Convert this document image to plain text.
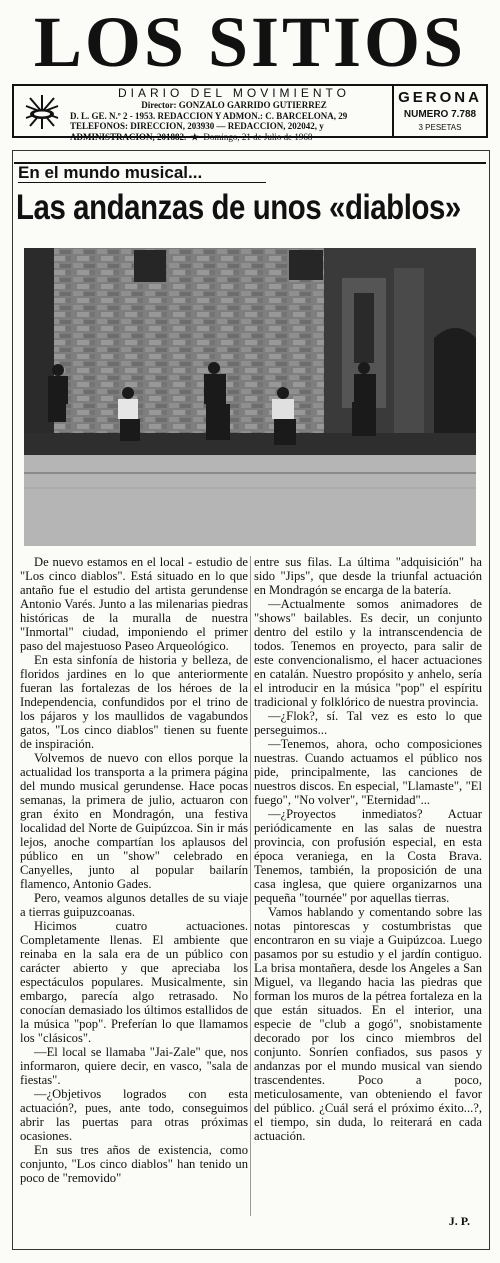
LOS SITIOS
DIARIO DEL MOVIMIENTO
Director: GONZALO GARRIDO GUTIERREZ
D. L. GE. N.º 2 - 1953. REDACCION Y ADMON.: C. BARCELONA, 29
TELEFONOS: DIRECCION, 203930 — REDACCION, 202042, y
ADMINISTRACION, 201882.  ★  Domingo, 21 de Julio de 1968
GERONA
NUMERO 7.788
3 PESETAS
En el mundo musical...
Las andanzas de unos «diablos»

De nuevo estamos en el local - estudio de "Los cinco diablos". Está situado en lo que antaño fue el estudio del artista gerundense Antonio Varés. Junto a las milenarias piedras históricas de la muralla de nuestra "Inmortal" ciudad, imponiendo el primer paso del majestuoso Paseo Arqueológico.

En esta sinfonía de historia y belleza, de floridos jardines en lo que anteriormente fueran las fortalezas de los héroes de la Independencia, confundidos por el trino de los pájaros y los maullidos de vagabundos gatos, "Los cinco diablos" tienen su fuente de inspiración.

Volvemos de nuevo con ellos porque la actualidad los transporta a la primera página del mundo musical gerundense. Hace pocas semanas, la primera de julio, actuaron con gran éxito en Mondragón, una festiva localidad del Norte de Guipúzcoa. Sin ir más lejos, anoche compartían los aplausos del público en un "show" celebrado en Canyelles, junto al popular bailarín flamenco, Antonio Gades.

Pero, veamos algunos detalles de su viaje a tierras guipuzcoanas.

Hicimos cuatro actuaciones. Completamente llenas. El ambiente que reinaba en la sala era de un público con carácter abierto y que apreciaba los espectáculos populares. Musicalmente, sin embargo, parecía algo retrasado. No conocían demasiado los últimos estallidos de la música "pop". Preferían lo que llamamos los "clásicos".

—El local se llamaba "Jai-Zale" que, nos informaron, quiere decir, en vasco, "sala de fiestas".

—¿Objetivos logrados con esta actuación?, pues, ante todo, conseguimos abrir las puertas para otras próximas ocasiones.

En sus tres años de existencia, como conjunto, "Los cinco diablos" han tenido un poco de "removido"

entre sus filas. La última "adquisición" ha sido "Jips", que desde la triunfal actuación en Mondragón se encarga de la batería.

—Actualmente somos animadores de "shows" bailables. Es decir, un conjunto dentro del estilo y la intranscendencia de todos. Tenemos en proyecto, para salir de este convencionalismo, el hacer actuaciones en catalán. Nuestro propósito y anhelo, sería el introducir en la música "pop" el espíritu tradicional y folklórico de nuestra provincia.

—¿Flok?, sí. Tal vez es esto lo que perseguimos...

—Tenemos, ahora, ocho composiciones nuestras. Cuando actuamos el público nos pide, principalmente, las canciones de nuestros discos. En especial, "Llamaste", "El fuego", "No volver", "Eternidad"...

—¿Proyectos inmediatos? Actuar periódicamente en las salas de nuestra provincia, con profusión especial, en esta época veraniega, en la Costa Brava. Tenemos, también, la proposición de una casa inglesa, que quiere organizarnos una pequeña "tournée" por aquellas tierras.

Vamos hablando y comentando sobre las notas pintorescas y costumbristas que encontraron en su viaje a Guipúzcoa. Luego pasamos por su estudio y el jardín contiguo. La brisa montañera, desde los Angeles a San Miguel, va llegando hacia las piedras que forman los muros de la pétrea fortaleza en la que están situados. En el interior, una especie de "club a gogó", snobistamente decorado por los cinco miembros del conjunto. Sonríen confiados, sus pasos y andanzas por el mundo musical van siendo trascendentes. Poco a poco, meticulosamente, van obteniendo el favor del público. ¿Cuál será el próximo éxito...?, el tiempo, sin duda, lo reiterará en cada actuación.

J. P.
